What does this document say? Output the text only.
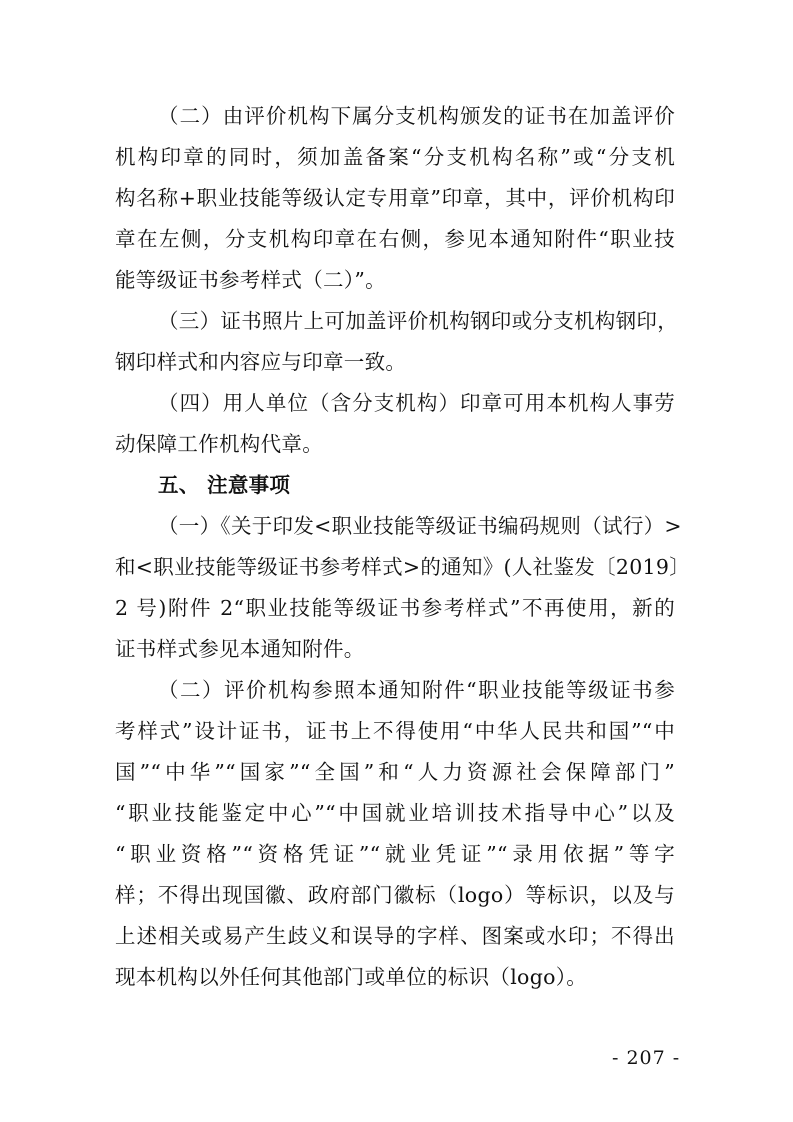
（二）由评价机构下属分支机构颁发的证书在加盖评价
机构印章的同时，须加盖备案“分支机构名称”或“分支机
构名称+职业技能等级认定专用章”印章，其中，评价机构印
章在左侧，分支机构印章在右侧，参见本通知附件“职业技
能等级证书参考样式（二）”。
（三）证书照片上可加盖评价机构钢印或分支机构钢印，
钢印样式和内容应与印章一致。
（四）用人单位（含分支机构）印章可用本机构人事劳
动保障工作机构代章。
五、 注意事项
（一）《关于印发<职业技能等级证书编码规则（试行）>
和<职业技能等级证书参考样式>的通知》(人社鉴发〔2019〕
2 号)附件 2“职业技能等级证书参考样式”不再使用，新的
证书样式参见本通知附件。
（二）评价机构参照本通知附件“职业技能等级证书参
考样式”设计证书，证书上不得使用“中华人民共和国”“中
国”“中华”“国家”“全国”和“人力资源社会保障部门”
“职业技能鉴定中心”“中国就业培训技术指导中心”以及
“职业资格”“资格凭证”“就业凭证”“录用依据”等字
样；不得出现国徽、政府部门徽标（logo）等标识，以及与
上述相关或易产生歧义和误导的字样、图案或水印；不得出
- 207 -
现本机构以外任何其他部门或单位的标识（logo）。
